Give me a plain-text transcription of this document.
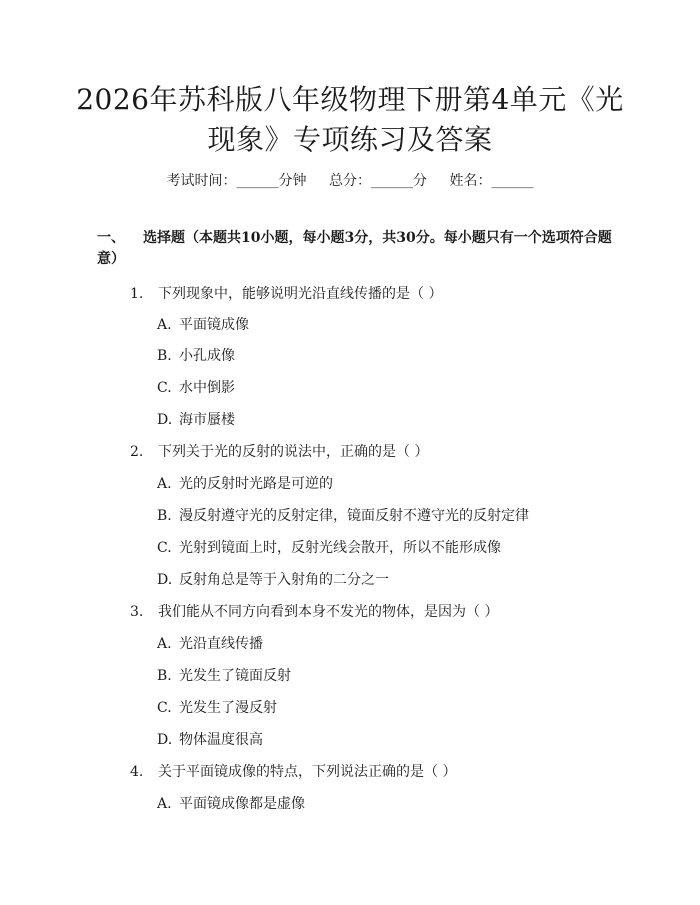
2026年苏科版八年级物理下册第4单元《光
现象》专项练习及答案
考试时间：______分钟 总分：______分 姓名：______
一、 选择题（本题共10小题，每小题3分，共30分。每小题只有一个选项符合题意）
1. 下列现象中，能够说明光沿直线传播的是（ ）
A. 平面镜成像
B. 小孔成像
C. 水中倒影
D. 海市蜃楼
2. 下列关于光的反射的说法中，正确的是（ ）
A. 光的反射时光路是可逆的
B. 漫反射遵守光的反射定律，镜面反射不遵守光的反射定律
C. 光射到镜面上时，反射光线会散开，所以不能形成像
D. 反射角总是等于入射角的二分之一
3. 我们能从不同方向看到本身不发光的物体，是因为（ ）
A. 光沿直线传播
B. 光发生了镜面反射
C. 光发生了漫反射
D. 物体温度很高
4. 关于平面镜成像的特点，下列说法正确的是（ ）
A. 平面镜成像都是虚像
